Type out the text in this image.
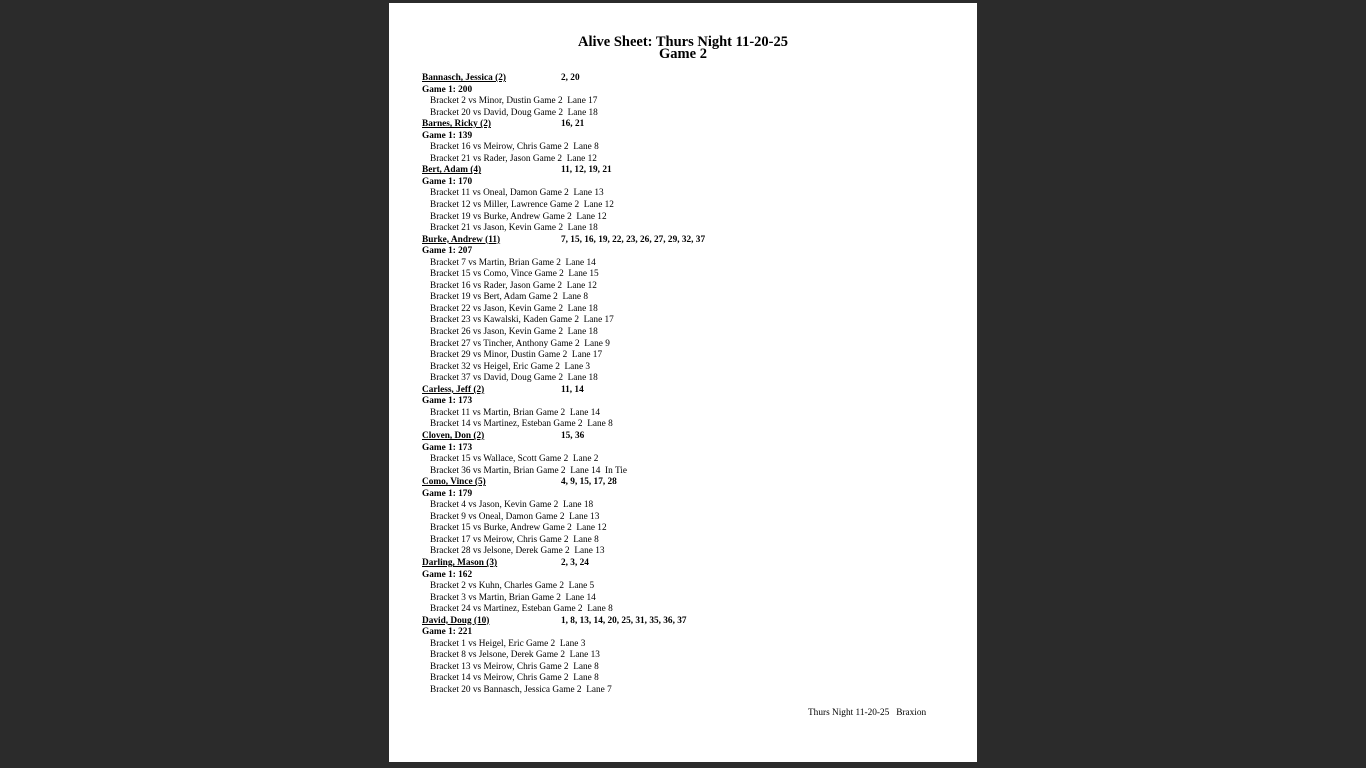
Alive Sheet: Thurs Night 11-20-25
Game 2
Bannasch, Jessica (2)	2, 20
Game 1: 200
Bracket 2 vs Minor, Dustin Game 2  Lane 17
Bracket 20 vs David, Doug Game 2  Lane 18
Barnes, Ricky (2)	16, 21
Game 1: 139
Bracket 16 vs Meirow, Chris Game 2  Lane 8
Bracket 21 vs Rader, Jason Game 2  Lane 12
Bert, Adam (4)	11, 12, 19, 21
Game 1: 170
Bracket 11 vs Oneal, Damon Game 2  Lane 13
Bracket 12 vs Miller, Lawrence Game 2  Lane 12
Bracket 19 vs Burke, Andrew Game 2  Lane 12
Bracket 21 vs Jason, Kevin Game 2  Lane 18
Burke, Andrew (11)	7, 15, 16, 19, 22, 23, 26, 27, 29, 32, 37
Game 1: 207
Bracket 7 vs Martin, Brian Game 2  Lane 14
Bracket 15 vs Como, Vince Game 2  Lane 15
Bracket 16 vs Rader, Jason Game 2  Lane 12
Bracket 19 vs Bert, Adam Game 2  Lane 8
Bracket 22 vs Jason, Kevin Game 2  Lane 18
Bracket 23 vs Kawalski, Kaden Game 2  Lane 17
Bracket 26 vs Jason, Kevin Game 2  Lane 18
Bracket 27 vs Tincher, Anthony Game 2  Lane 9
Bracket 29 vs Minor, Dustin Game 2  Lane 17
Bracket 32 vs Heigel, Eric Game 2  Lane 3
Bracket 37 vs David, Doug Game 2  Lane 18
Carless, Jeff (2)	11, 14
Game 1: 173
Bracket 11 vs Martin, Brian Game 2  Lane 14
Bracket 14 vs Martinez, Esteban Game 2  Lane 8
Cloven, Don (2)	15, 36
Game 1: 173
Bracket 15 vs Wallace, Scott Game 2  Lane 2
Bracket 36 vs Martin, Brian Game 2  Lane 14  In Tie
Como, Vince (5)	4, 9, 15, 17, 28
Game 1: 179
Bracket 4 vs Jason, Kevin Game 2  Lane 18
Bracket 9 vs Oneal, Damon Game 2  Lane 13
Bracket 15 vs Burke, Andrew Game 2  Lane 12
Bracket 17 vs Meirow, Chris Game 2  Lane 8
Bracket 28 vs Jelsone, Derek Game 2  Lane 13
Darling, Mason (3)	2, 3, 24
Game 1: 162
Bracket 2 vs Kuhn, Charles Game 2  Lane 5
Bracket 3 vs Martin, Brian Game 2  Lane 14
Bracket 24 vs Martinez, Esteban Game 2  Lane 8
David, Doug (10)	1, 8, 13, 14, 20, 25, 31, 35, 36, 37
Game 1: 221
Bracket 1 vs Heigel, Eric Game 2  Lane 3
Bracket 8 vs Jelsone, Derek Game 2  Lane 13
Bracket 13 vs Meirow, Chris Game 2  Lane 8
Bracket 14 vs Meirow, Chris Game 2  Lane 8
Bracket 20 vs Bannasch, Jessica Game 2  Lane 7
Thurs Night 11-20-25   Braxion
